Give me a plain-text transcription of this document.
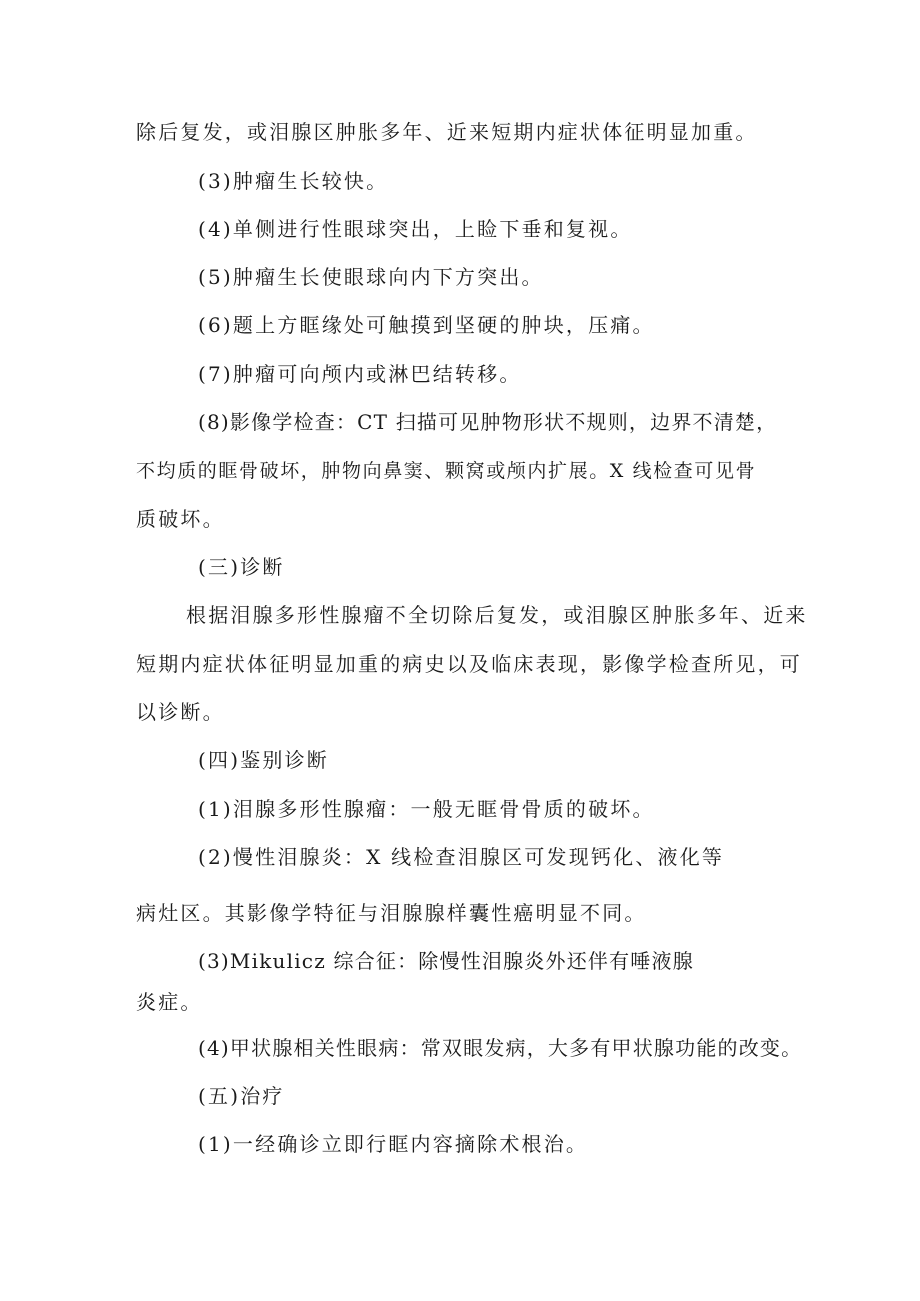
除后复发，或泪腺区肿胀多年、近来短期内症状体征明显加重。
(3)肿瘤生长较快。
(4)单侧进行性眼球突出，上睑下垂和复视。
(5)肿瘤生长使眼球向内下方突出。
(6)题上方眶缘处可触摸到坚硬的肿块，压痛。
(7)肿瘤可向颅内或淋巴结转移。
(8)影像学检查：CT 扫描可见肿物形状不规则，边界不清楚，
不均质的眶骨破坏，肿物向鼻窦、颗窝或颅内扩展。X 线检查可见骨
质破坏。
(三)诊断
根据泪腺多形性腺瘤不全切除后复发，或泪腺区肿胀多年、近来
短期内症状体征明显加重的病史以及临床表现，影像学检查所见，可
以诊断。
(四)鉴别诊断
(1)泪腺多形性腺瘤：一般无眶骨骨质的破坏。
(2)慢性泪腺炎：X 线检查泪腺区可发现钙化、液化等
病灶区。其影像学特征与泪腺腺样囊性癌明显不同。
(3)Mikulicz 综合征：除慢性泪腺炎外还伴有唾液腺
炎症。
(4)甲状腺相关性眼病：常双眼发病，大多有甲状腺功能的改变。
(五)治疗
(1)一经确诊立即行眶内容摘除术根治。
